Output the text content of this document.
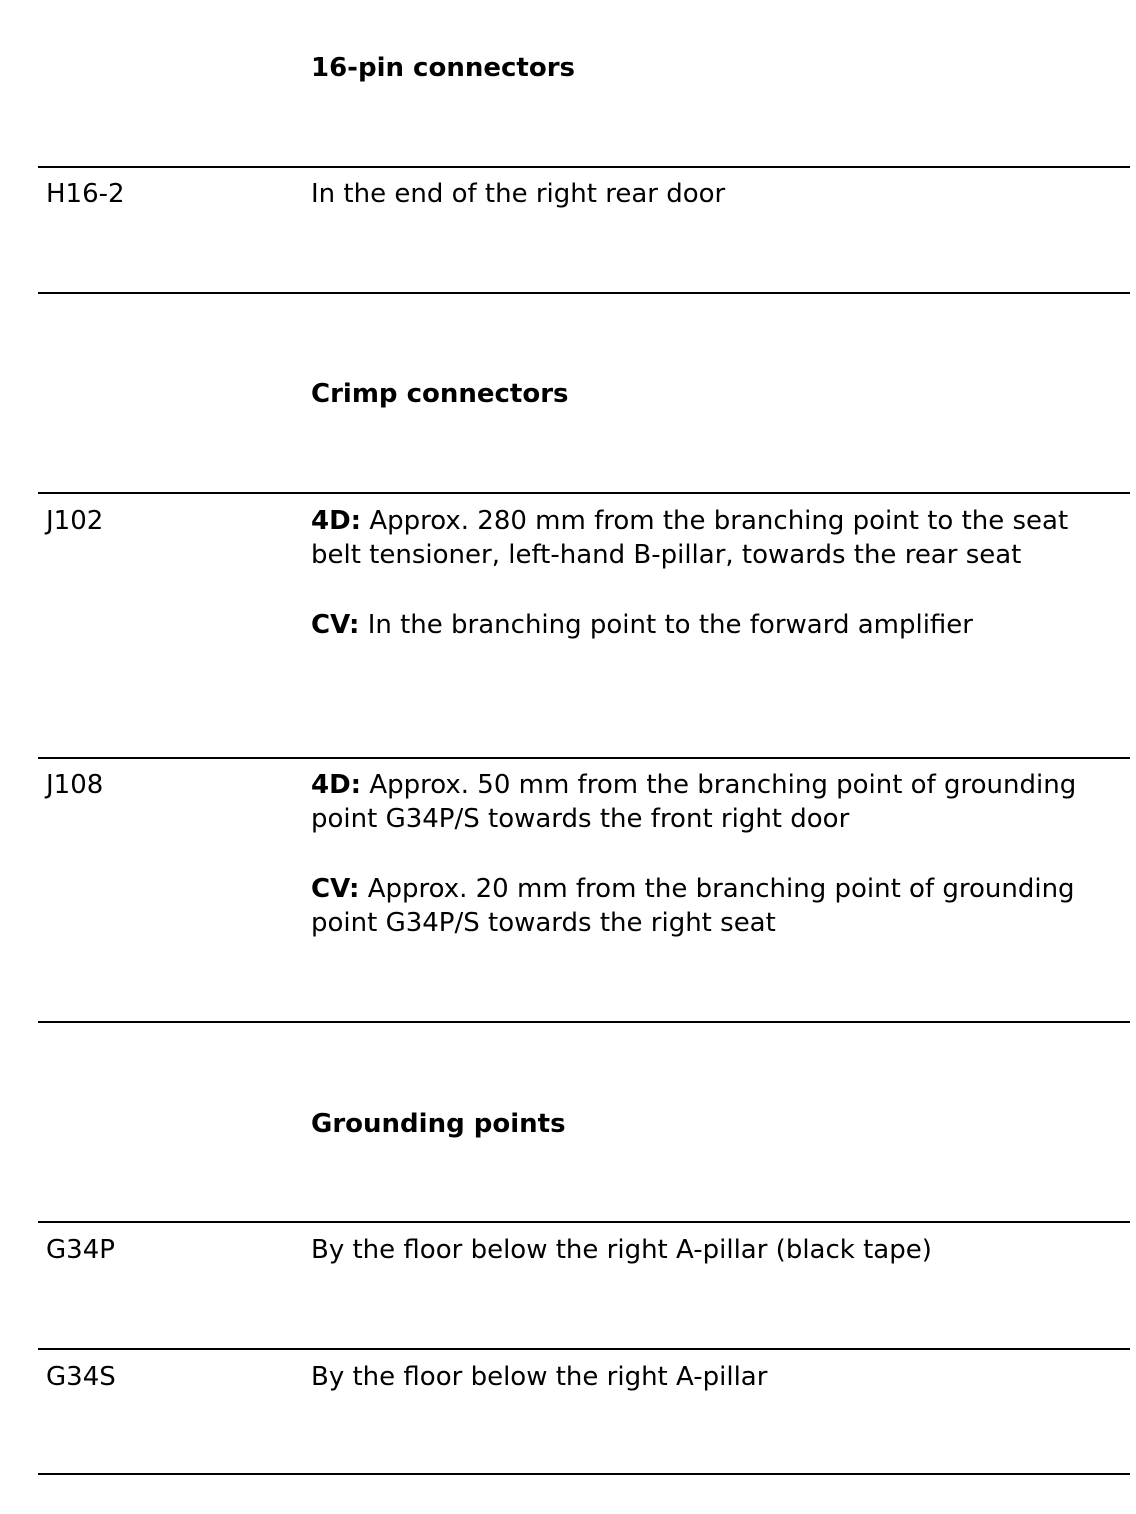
16-pin connectors
H16-2	In the end of the right rear door
Crimp connectors
J102	4D: Approx. 280 mm from the branching point to the seat belt tensioner, left-hand B-pillar, towards the rear seat

CV: In the branching point to the forward amplifier

J108	4D: Approx. 50 mm from the branching point of grounding point G34P/S towards the front right door

CV: Approx. 20 mm from the branching point of grounding point G34P/S towards the right seat

Grounding points
G34P	By the floor below the right A-pillar (black tape)
G34S	By the floor below the right A-pillar
